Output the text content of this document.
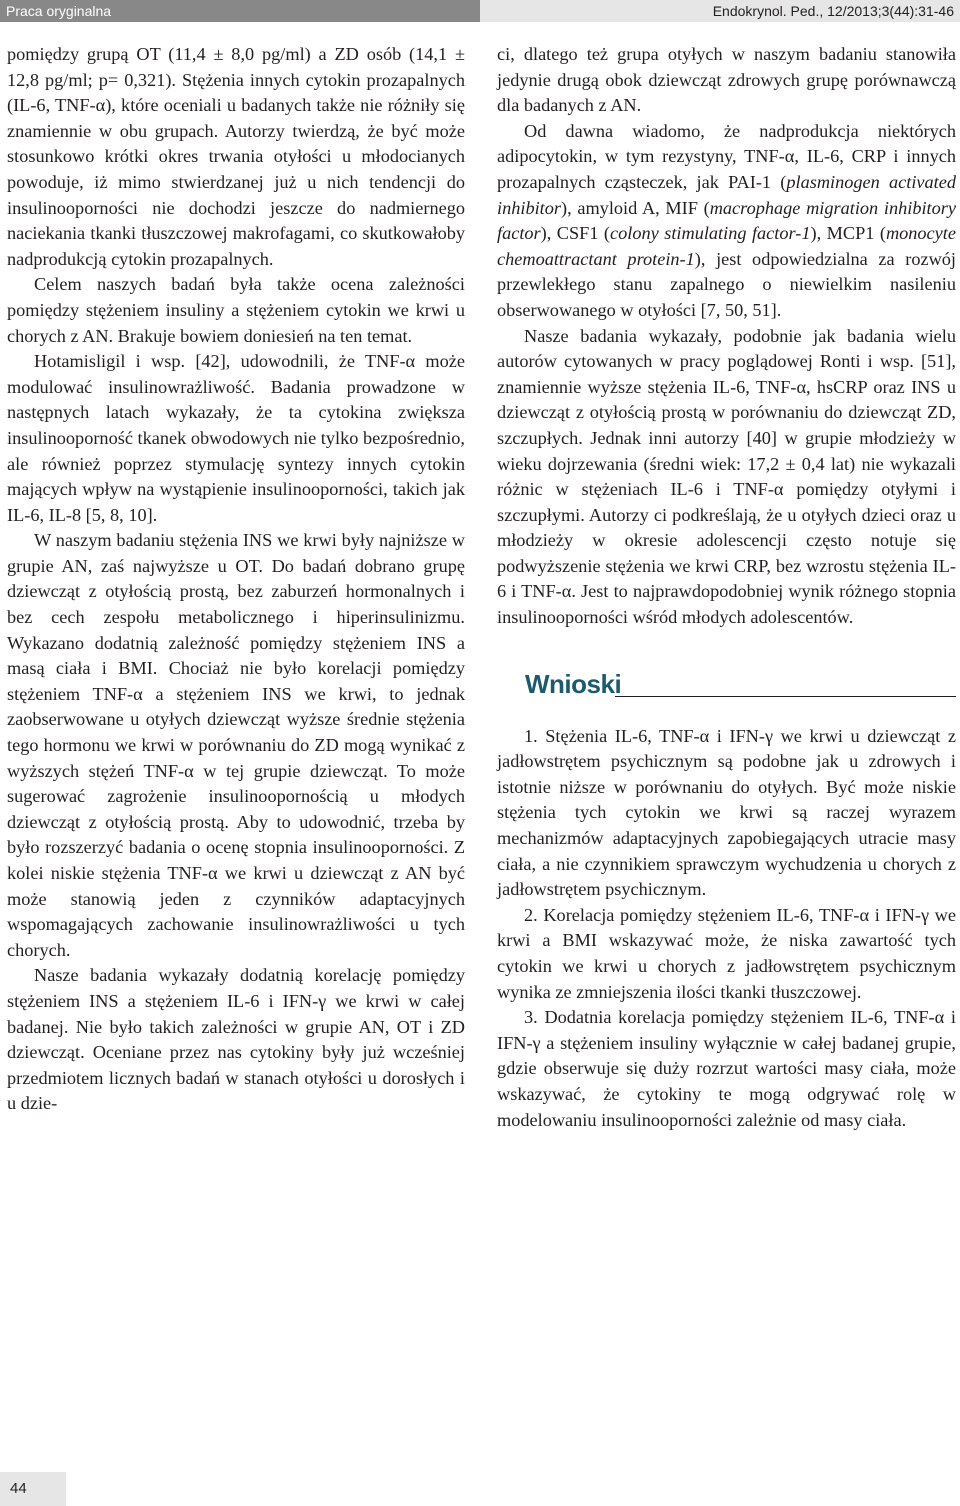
Praca oryginalna	Endokrynol. Ped., 12/2013;3(44):31-46

pomiędzy grupą OT (11,4 ± 8,0 pg/ml) a ZD osób (14,1 ± 12,8 pg/ml; p= 0,321). Stężenia innych cytokin prozapalnych (IL-6, TNF-α), które oceniali u badanych także nie różniły się znamiennie w obu grupach. Autorzy twierdzą, że być może stosunkowo krótki okres trwania otyłości u młodocianych powoduje, iż mimo stwierdzanej już u nich tendencji do insulinooporności nie dochodzi jeszcze do nadmiernego naciekania tkanki tłuszczowej makrofagami, co skutkowałoby nadprodukcją cytokin prozapalnych.

Celem naszych badań była także ocena zależności pomiędzy stężeniem insuliny a stężeniem cytokin we krwi u chorych z AN. Brakuje bowiem doniesień na ten temat.

Hotamisligil i wsp. [42], udowodnili, że TNF-α może modulować insulinowrażliwość. Badania prowadzone w następnych latach wykazały, że ta cytokina zwiększa insulinooporność tkanek obwodowych nie tylko bezpośrednio, ale również poprzez stymulację syntezy innych cytokin mających wpływ na wystąpienie insulinooporności, takich jak IL-6, IL-8 [5, 8, 10].

W naszym badaniu stężenia INS we krwi były najniższe w grupie AN, zaś najwyższe u OT. Do badań dobrano grupę dziewcząt z otyłością prostą, bez zaburzeń hormonalnych i bez cech zespołu metabolicznego i hiperinsulinizmu. Wykazano dodatnią zależność pomiędzy stężeniem INS a masą ciała i BMI. Chociaż nie było korelacji pomiędzy stężeniem TNF-α a stężeniem INS we krwi, to jednak zaobserwowane u otyłych dziewcząt wyższe średnie stężenia tego hormonu we krwi w porównaniu do ZD mogą wynikać z wyższych stężeń TNF-α w tej grupie dziewcząt. To może sugerować zagrożenie insulinoopornością u młodych dziewcząt z otyłością prostą. Aby to udowodnić, trzeba by było rozszerzyć badania o ocenę stopnia insulinooporności. Z kolei niskie stężenia TNF-α we krwi u dziewcząt z AN być może stanowią jeden z czynników adaptacyjnych wspomagających zachowanie insulinowrażliwości u tych chorych.

Nasze badania wykazały dodatnią korelację pomiędzy stężeniem INS a stężeniem IL-6 i IFN-γ we krwi w całej badanej. Nie było takich zależności w grupie AN, OT i ZD dziewcząt. Oceniane przez nas cytokiny były już wcześniej przedmiotem licznych badań w stanach otyłości u dorosłych i u dzie-

ci, dlatego też grupa otyłych w naszym badaniu stanowiła jedynie drugą obok dziewcząt zdrowych grupę porównawczą dla badanych z AN.

Od dawna wiadomo, że nadprodukcja niektórych adipocytokin, w tym rezystyny, TNF-α, IL-6, CRP i innych prozapalnych cząsteczek, jak PAI-1 (plasminogen activated inhibitor), amyloid A, MIF (macrophage migration inhibitory factor), CSF1 (colony stimulating factor-1), MCP1 (monocyte chemoattractant protein-1), jest odpowiedzialna za rozwój przewlekłego stanu zapalnego o niewielkim nasileniu obserwowanego w otyłości [7, 50, 51].

Nasze badania wykazały, podobnie jak badania wielu autorów cytowanych w pracy poglądowej Ronti i wsp. [51], znamiennie wyższe stężenia IL-6, TNF-α, hsCRP oraz INS u dziewcząt z otyłością prostą w porównaniu do dziewcząt ZD, szczupłych. Jednak inni autorzy [40] w grupie młodzieży w wieku dojrzewania (średni wiek: 17,2 ± 0,4 lat) nie wykazali różnic w stężeniach IL-6 i TNF-α pomiędzy otyłymi i szczupłymi. Autorzy ci podkreślają, że u otyłych dzieci oraz u młodzieży w okresie adolescencji często notuje się podwyższenie stężenia we krwi CRP, bez wzrostu stężenia IL-6 i TNF-α. Jest to najprawdopodobniej wynik różnego stopnia insulinooporności wśród młodych adolescentów.

Wnioski

1. Stężenia IL-6, TNF-α i IFN-γ we krwi u dziewcząt z jadłowstrętem psychicznym są podobne jak u zdrowych i istotnie niższe w porównaniu do otyłych. Być może niskie stężenia tych cytokin we krwi są raczej wyrazem mechanizmów adaptacyjnych zapobiegających utracie masy ciała, a nie czynnikiem sprawczym wychudzenia u chorych z jadłowstrętem psychicznym.

2. Korelacja pomiędzy stężeniem IL-6, TNF-α i IFN-γ we krwi a BMI wskazywać może, że niska zawartość tych cytokin we krwi u chorych z jadłowstrętem psychicznym wynika ze zmniejszenia ilości tkanki tłuszczowej.

3. Dodatnia korelacja pomiędzy stężeniem IL-6, TNF-α i IFN-γ a stężeniem insuliny wyłącznie w całej badanej grupie, gdzie obserwuje się duży rozrzut wartości masy ciała, może wskazywać, że cytokiny te mogą odgrywać rolę w modelowaniu insulinooporności zależnie od masy ciała.

44
